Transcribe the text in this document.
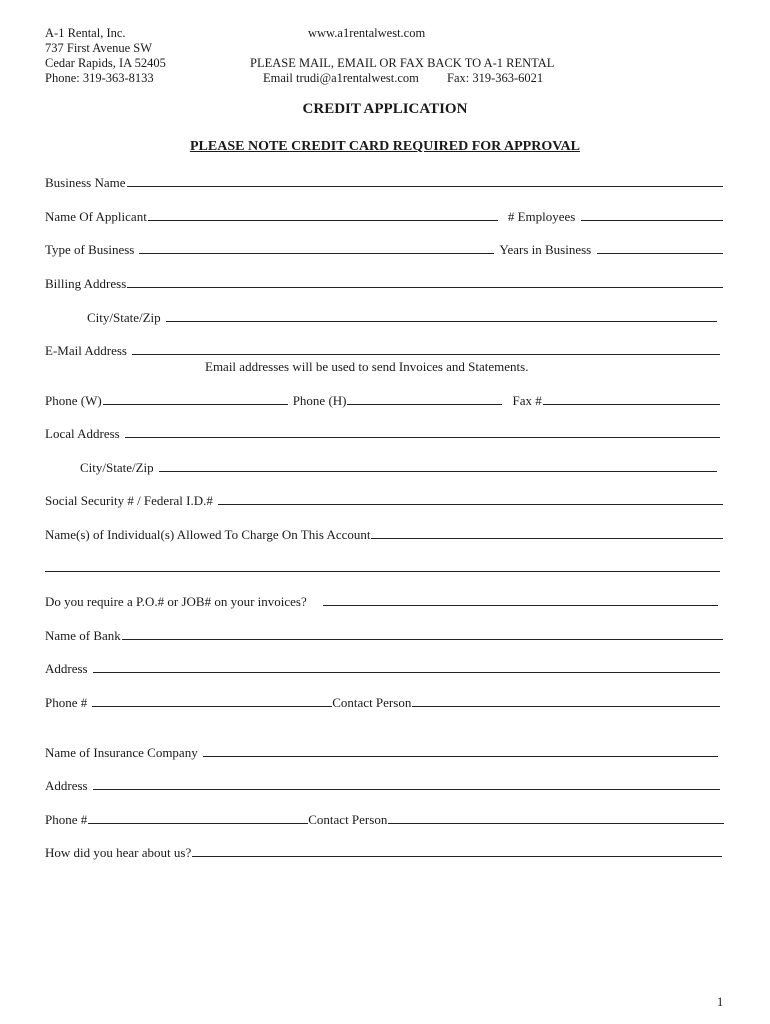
A-1 Rental, Inc.
737 First Avenue SW
Cedar Rapids, IA 52405
Phone: 319-363-8133
www.a1rentalwest.com
PLEASE MAIL, EMAIL OR FAX BACK TO A-1 RENTAL
Email trudi@a1rentalwest.com Fax: 319-363-6021
CREDIT APPLICATION
PLEASE NOTE CREDIT CARD REQUIRED FOR APPROVAL
Business Name
Name Of Applicant	# Employees
Type of Business	Years in Business
Billing Address
City/State/Zip
E-Mail Address
Email addresses will be used to send Invoices and Statements.
Phone (W)	Phone (H)	Fax #
Local Address
City/State/Zip
Social Security # / Federal I.D.#
Name(s) of Individual(s) Allowed To Charge On This Account
Do you require a P.O.# or JOB# on your invoices?
Name of Bank
Address
Phone #	Contact Person
Name of Insurance Company
Address
Phone #	Contact Person
How did you hear about us?
1
